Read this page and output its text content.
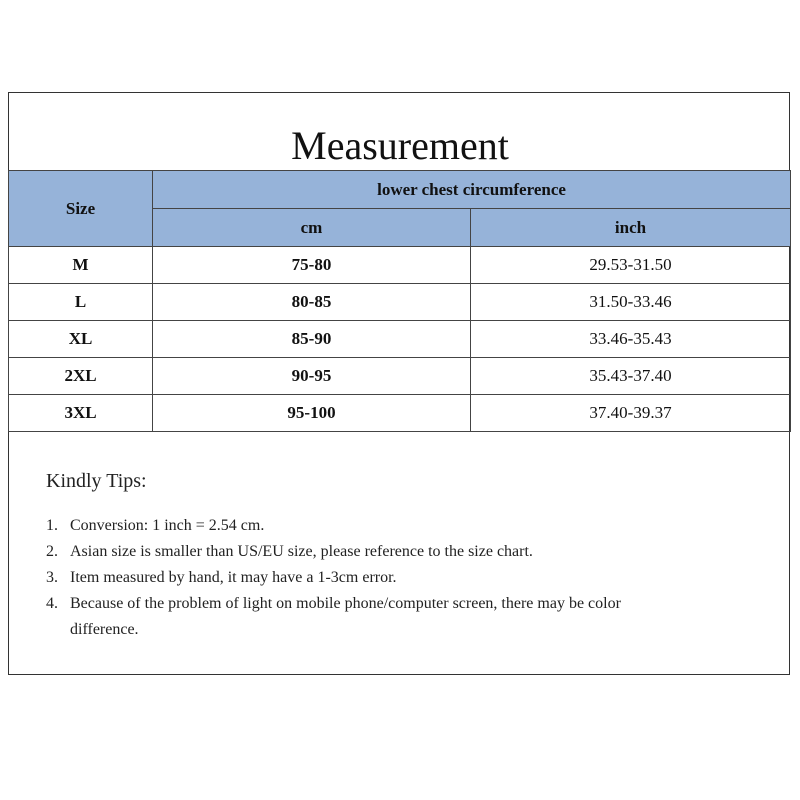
Measurement
Size	lower chest circumference	
	cm	inch
M	75-80	29.53-31.50
L	80-85	31.50-33.46
XL	85-90	33.46-35.43
2XL	90-95	35.43-37.40
3XL	95-100	37.40-39.37
Kindly Tips:
1. Conversion: 1 inch = 2.54 cm.
2. Asian size is smaller than US/EU size, please reference to the size chart.
3. Item measured by hand, it may have a 1-3cm error.
4. Because of the problem of light on mobile phone/computer screen, there may be color difference.
